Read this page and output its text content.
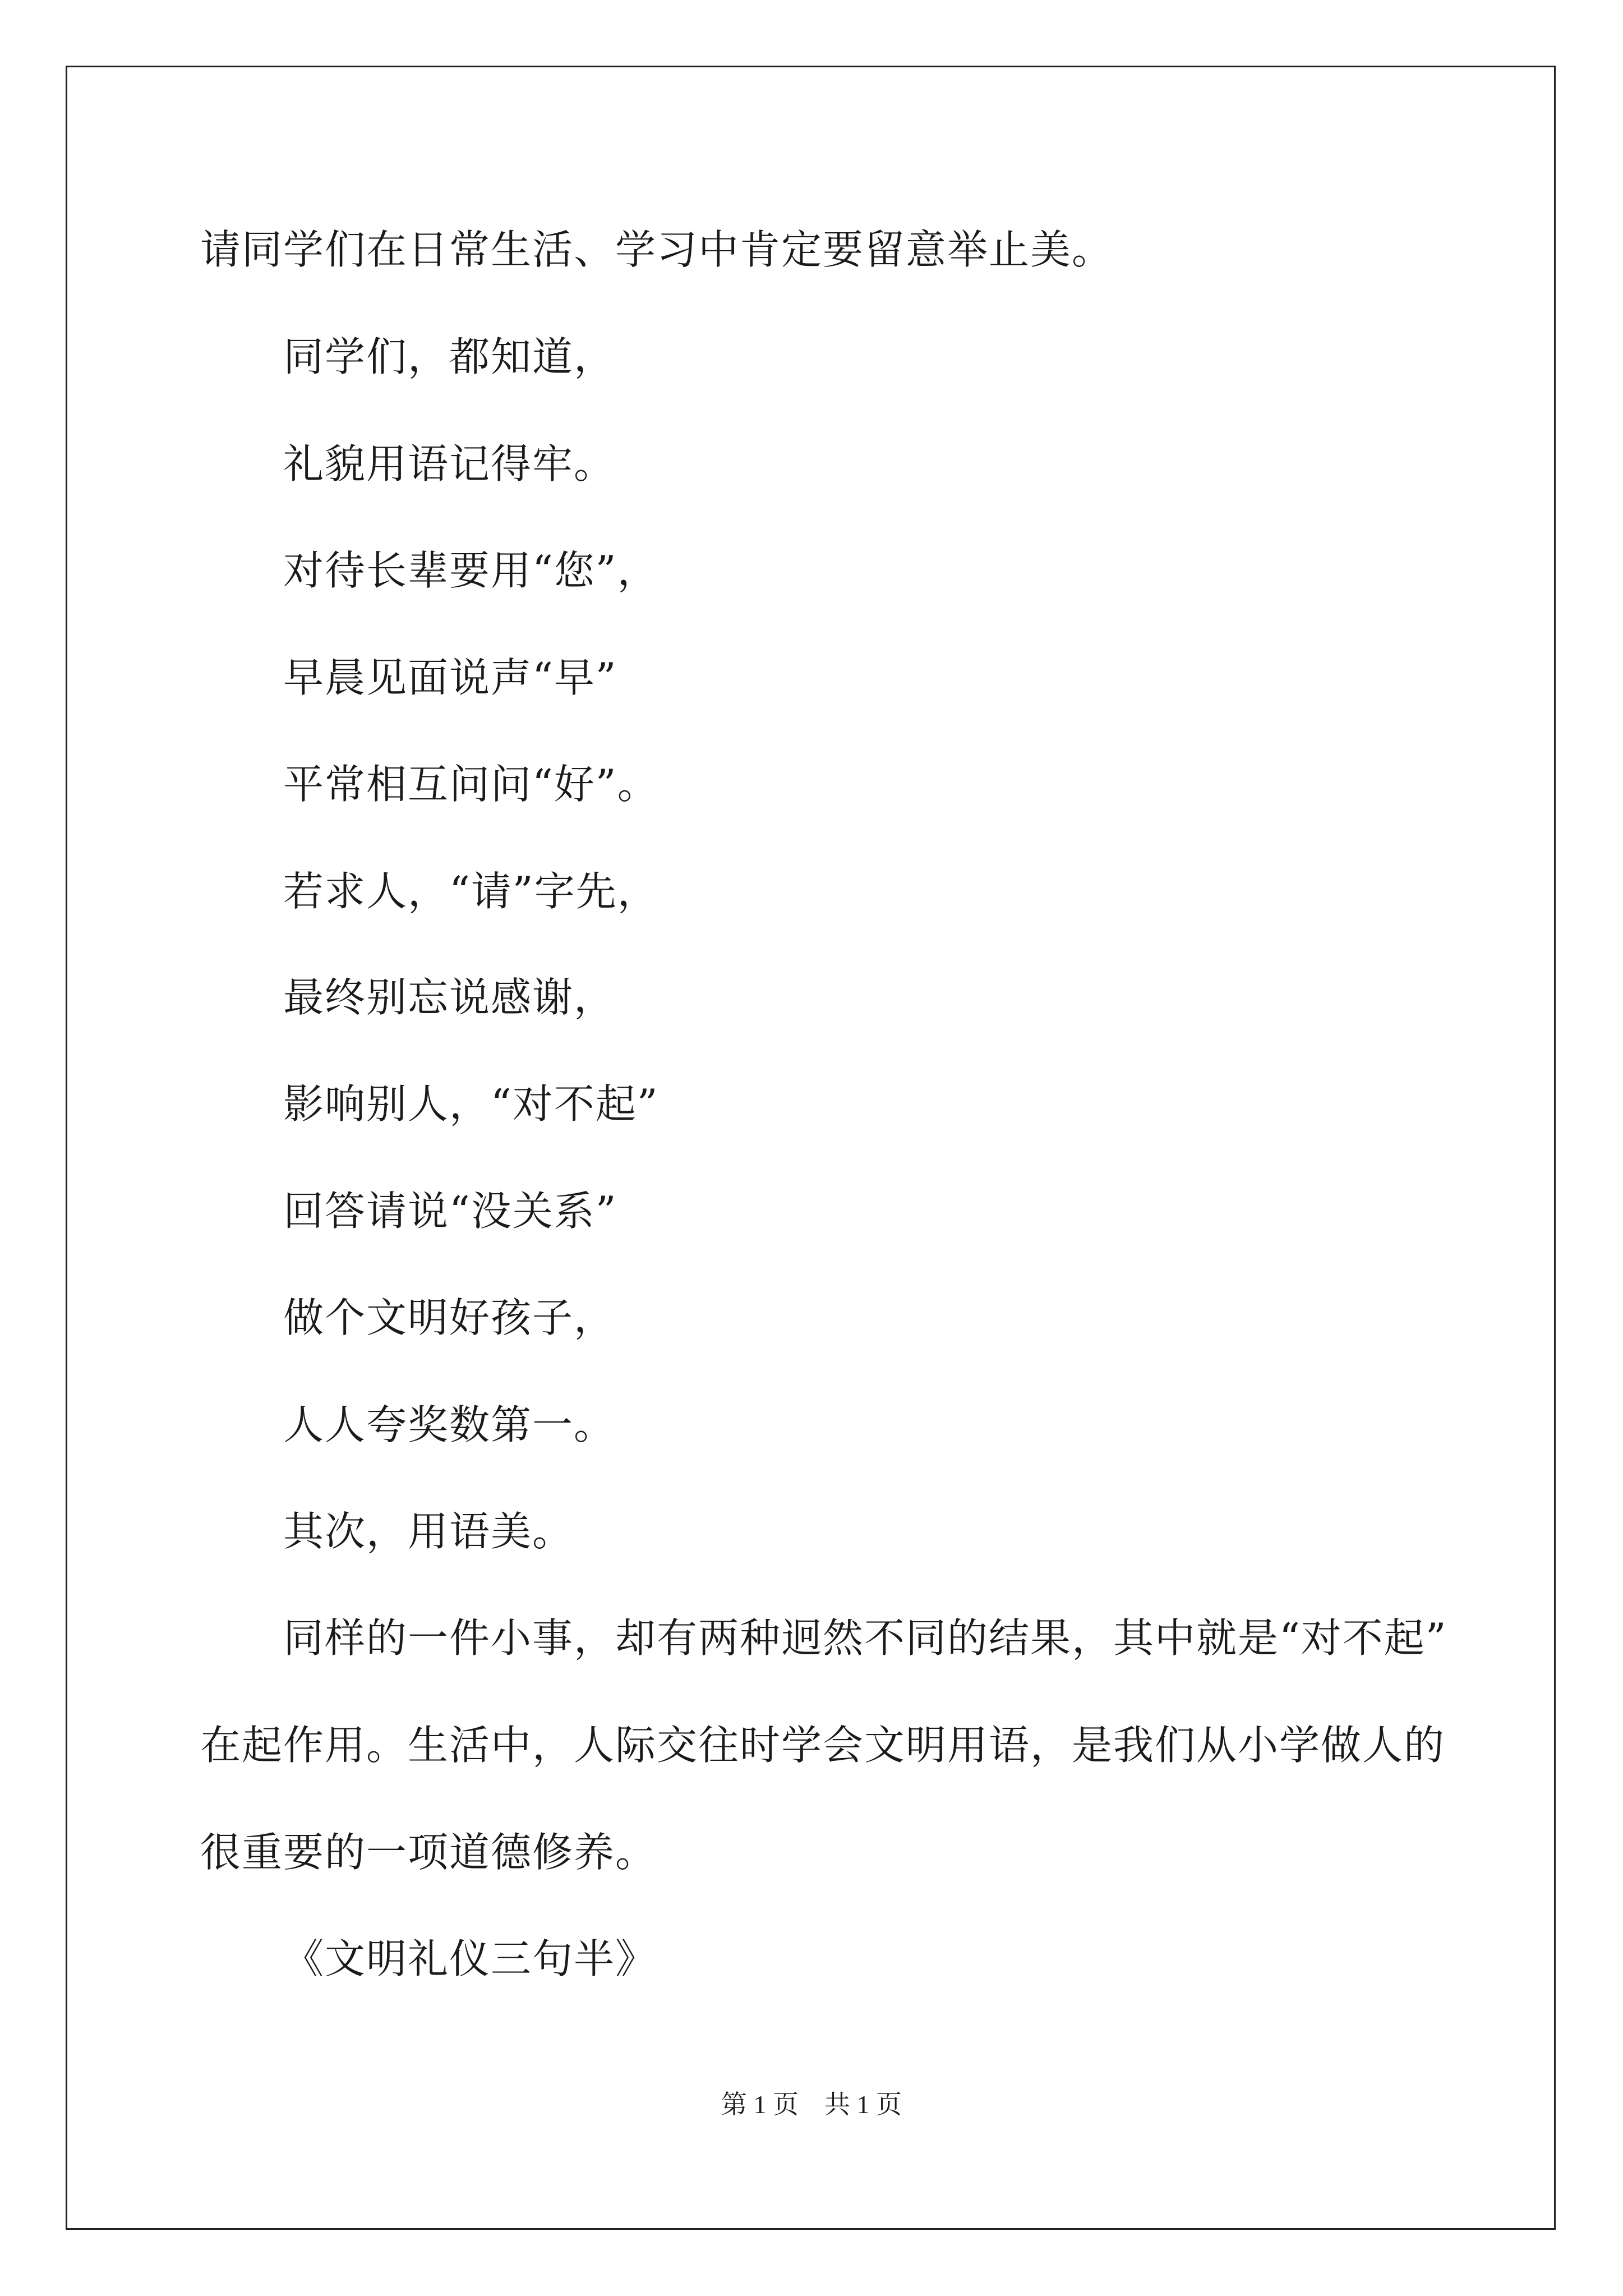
请同学们在日常生活、学习中肯定要留意举止美。
同学们，都知道，
礼貌用语记得牢。
对待长辈要用“您”，
早晨见面说声“早”
平常相互问问“好”。
若求人，“请”字先，
最终别忘说感谢，
影响别人，“对不起”
回答请说“没关系”
做个文明好孩子，
人人夸奖数第一。
其次，用语美。
同样的一件小事，却有两种迥然不同的结果，其中就是“对不起”
在起作用。生活中，人际交往时学会文明用语，是我们从小学做人的
很重要的一项道德修养。
《文明礼仪三句半》
第 1 页    共 1 页
